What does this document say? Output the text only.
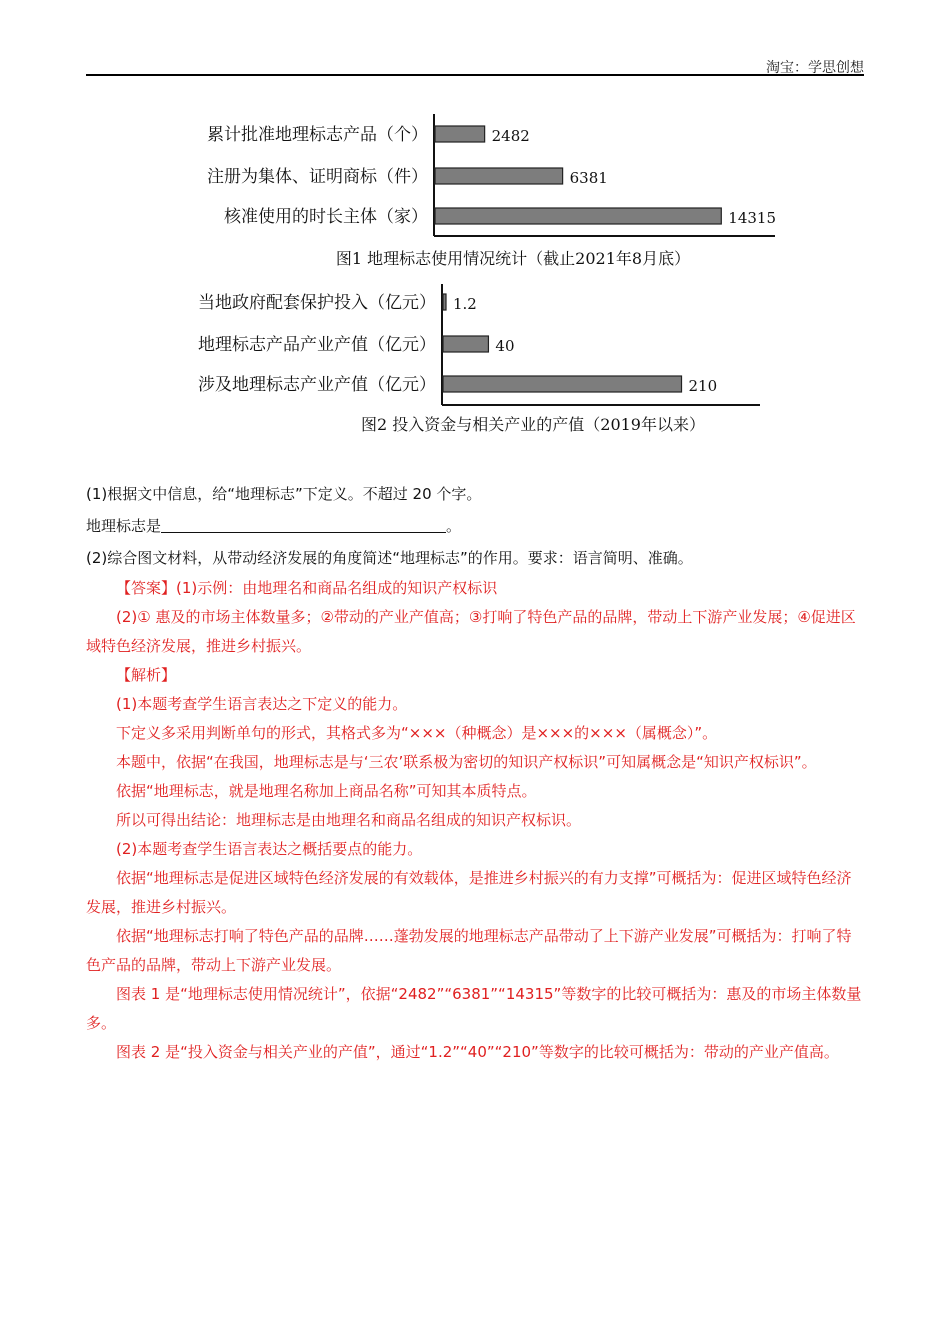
淘宝：学思创想
图1 地理标志使用情况统计（截止2021年8月底）
累计批准地理标志产品（个）	2482
注册为集体、证明商标（件）	6381
核准使用的时长主体（家）	14315
图2 投入资金与相关产业的产值（2019年以来）
当地政府配套保护投入（亿元） 1.2
地理标志产品产业产值（亿元）	40
涉及地理标志产业产值（亿元）	210
(1)根据文中信息，给“地理标志”下定义。不超过 20 个字。
地理标志是	。
(2)综合图文材料，从带动经济发展的角度简述“地理标志”的作用。要求：语言简明、准确。

【答案】(1)示例：由地理名和商品名组成的知识产权标识

(2)① 惠及的市场主体数量多；②带动的产业产值高；③打响了特色产品的品牌，带动上下游产业发展；④促进区域特色经济发展，推进乡村振兴。

【解析】

(1)本题考查学生语言表达之下定义的能力。

下定义多采用判断单句的形式，其格式多为“×××（种概念）是×××的×××（属概念）”。

本题中，依据“在我国，地理标志是与‘三农’联系极为密切的知识产权标识”可知属概念是“知识产权标识”。

依据“地理标志，就是地理名称加上商品名称”可知其本质特点。

所以可得出结论：地理标志是由地理名和商品名组成的知识产权标识。

(2)本题考查学生语言表达之概括要点的能力。

依据“地理标志是促进区域特色经济发展的有效载体，是推进乡村振兴的有力支撑”可概括为：促进区域特色经济发展，推进乡村振兴。

依据“地理标志打响了特色产品的品牌……蓬勃发展的地理标志产品带动了上下游产业发展”可概括为：打响了特色产品的品牌，带动上下游产业发展。

图表 1 是“地理标志使用情况统计”，依据“2482”“6381”“14315”等数字的比较可概括为：惠及的市场主体数量多。

图表 2 是“投入资金与相关产业的产值”，通过“1.2”“40”“210”等数字的比较可概括为：带动的产业产值高。
